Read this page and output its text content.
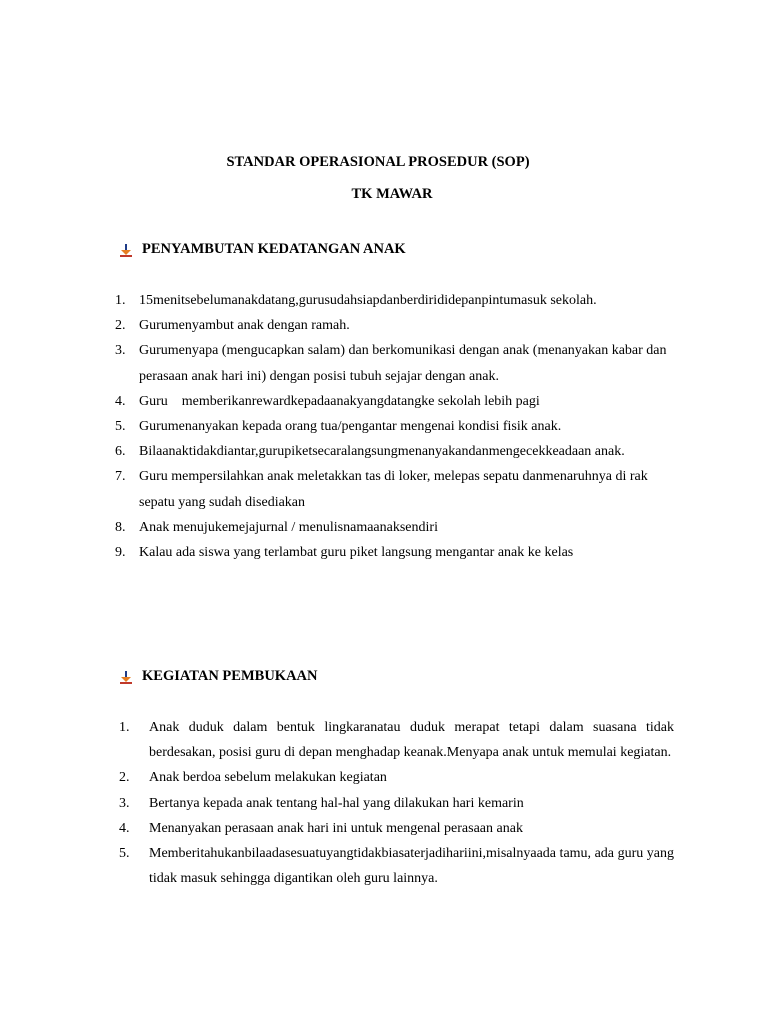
STANDAR OPERASIONAL PROSEDUR (SOP)
TK MAWAR
PENYAMBUTAN KEDATANGAN ANAK
1. 15menitsebelumanakdatang,gurusudahsiapdanberdirididepanpintumasuk sekolah.
2. Gurumenyambut anak dengan ramah.
3. Gurumenyapa (mengucapkan salam) dan berkomunikasi dengan anak (menanyakan kabar dan perasaan anak hari ini) dengan posisi tubuh sejajar dengan anak.
4. Guru    memberikanrewardkepadaanakyangdatangke sekolah lebih pagi
5. Gurumenanyakan kepada orang tua/pengantar mengenai kondisi fisik anak.
6. Bilaanaktidakdiantar,gurupiketsecaralangsungmenanyakandanmengecekkeadaan anak.
7. Guru mempersilahkan anak meletakkan tas di loker, melepas sepatu danmenaruhnya di rak sepatu yang sudah disediakan
8. Anak menujukemejajurnal / menulisnamaanaksendiri
9. Kalau ada siswa yang terlambat guru piket langsung mengantar anak ke kelas
KEGIATAN PEMBUKAAN
1. Anak duduk dalam bentuk lingkaranatau duduk merapat tetapi dalam suasana tidak berdesakan, posisi guru di depan menghadap keanak.Menyapa anak untuk memulai kegiatan.
2. Anak berdoa sebelum melakukan kegiatan
3. Bertanya kepada anak tentang hal-hal yang dilakukan hari kemarin
4. Menanyakan perasaan anak hari ini untuk mengenal perasaan anak
5. Memberitahukanbilaadasesuatuyangtidakbiasaterjadihariini,misalnyaada tamu, ada guru yang tidak masuk sehingga digantikan oleh guru lainnya.
